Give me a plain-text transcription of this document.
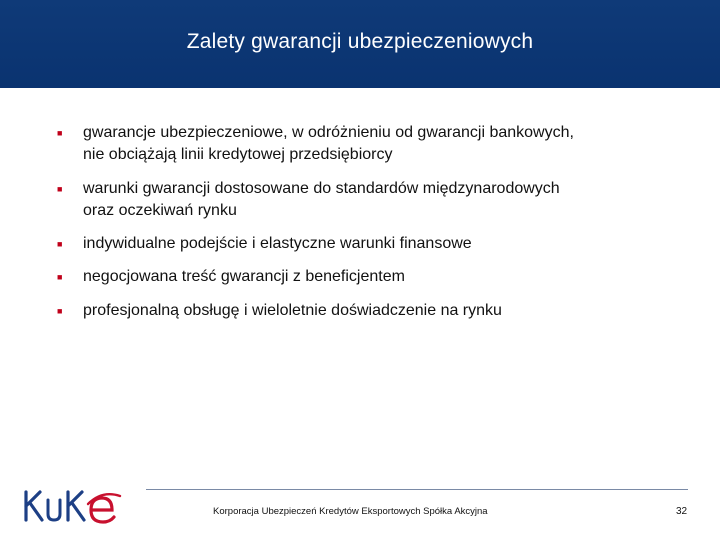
Zalety gwarancji ubezpieczeniowych
■	gwarancje ubezpieczeniowe, w odróżnieniu od gwarancji bankowych,
nie obciążają linii kredytowej przedsiębiorcy
■	warunki gwarancji dostosowane do standardów międzynarodowych
oraz oczekiwań rynku
■	indywidualne podejście i elastyczne warunki finansowe
■	negocjowana treść gwarancji z beneficjentem
■	profesjonalną obsługę i wieloletnie doświadczenie na rynku
Korporacja Ubezpieczeń Kredytów Eksportowych Spółka Akcyjna	32
